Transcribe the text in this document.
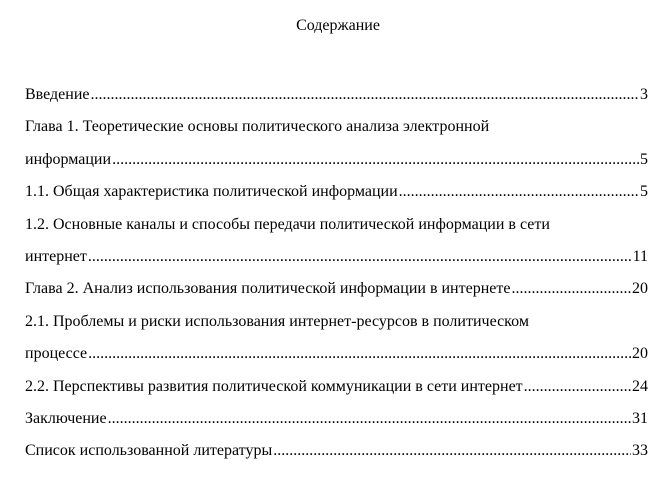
Содержание
Введение .....	3
Глава 1. Теоретические основы политического анализа электронной
информации .....	5
1.1. Общая характеристика политической информации .....	5
1.2. Основные каналы и способы передачи политической информации в сети
интернет .....	11
Глава 2. Анализ использования политической информации в интернете .....	20
2.1. Проблемы и риски использования интернет-ресурсов в политическом
процессе .....	20
2.2. Перспективы развития политической коммуникации в сети интернет .....	24
Заключение .....	31
Список использованной литературы .....	33
